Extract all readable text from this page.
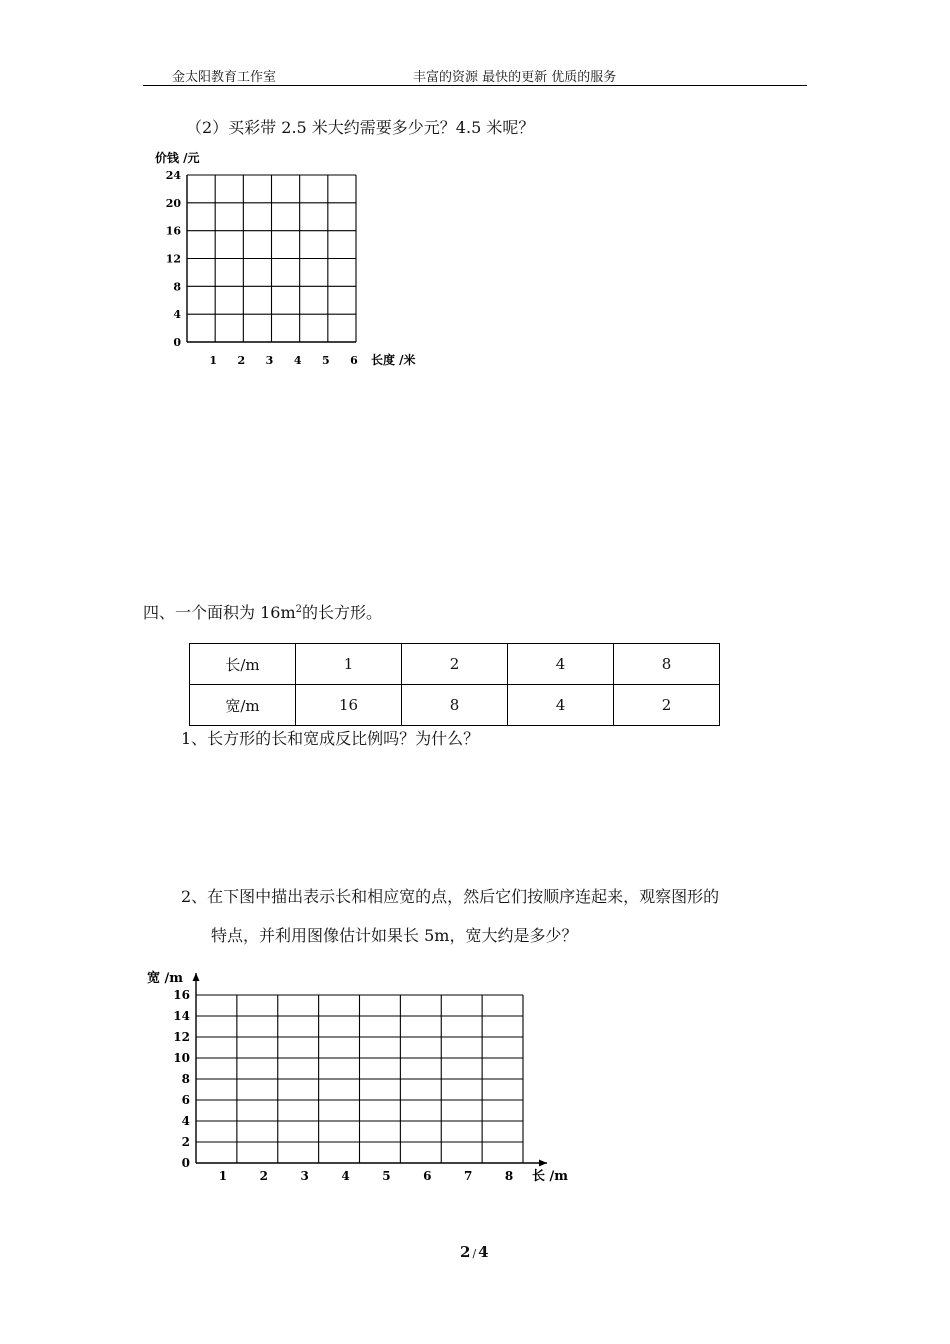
金太阳教育工作室	丰富的资源 最快的更新 优质的服务
（2）买彩带 2.5 米大约需要多少元？4.5 米呢？
1 2 3 4 5 6
0
4
8
12
16
20
24
价钱 /元
长度 /米
四、一个面积为 $16m^2$的长方形。
长/m	1	2	4	8
宽/m	16	8	4	2
1、长方形的长和宽成反比例吗？为什么？
2、在下图中描出表示长和相应宽的点，然后它们按顺序连起来，观察图形的
特点，并利用图像估计如果长 5m，宽大约是多少？
1	2	3	4	5	6	7	8
0
2
4
6
8
10
12
14
16
宽 /m
长 /m
2 / 4
